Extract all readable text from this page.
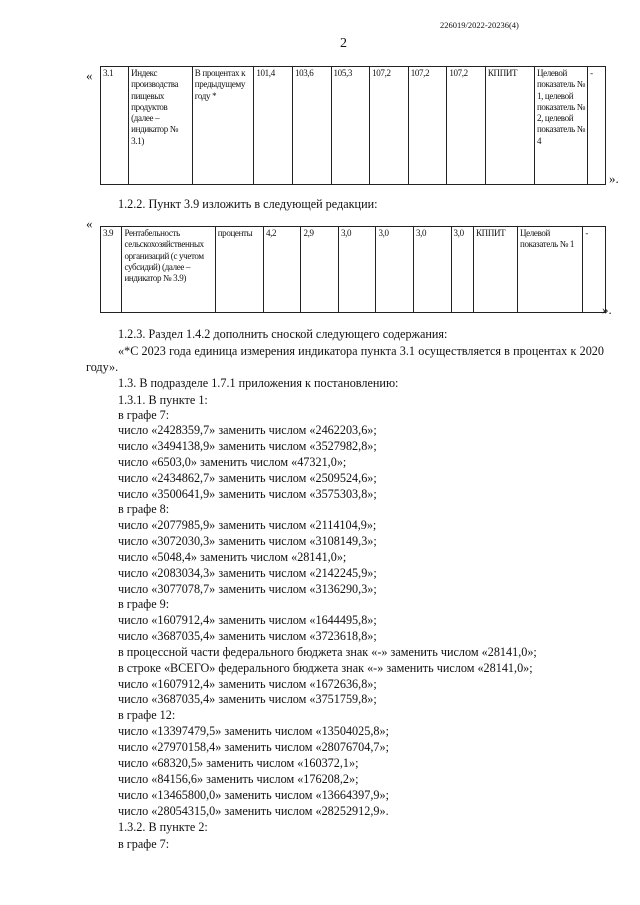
226019/2022-20236(4)
2
« 3.1	Индекс производства пищевых продуктов (далее – индикатор № 3.1)	В процентах к предыдущему году *	101,4	103,6	105,3	107,2	107,2	107,2	КППИТ	Целевой показатель № 1, целевой показатель № 2, целевой показатель № 4	-
».
1.2.2. Пункт 3.9 изложить в следующей редакции:
«
3.9	Рентабельность сельскохозяйственных организаций (с учетом субсидий) (далее – индикатор № 3.9)	проценты	4,2	2,9	3,0	3,0	3,0	3,0	КППИТ	Целевой показатель № 1	-
».
1.2.3. Раздел 1.4.2 дополнить сноской следующего содержания:
«*С 2023 года единица измерения индикатора пункта 3.1 осуществляется в процентах к 2020 году».
1.3. В подразделе 1.7.1 приложения к постановлению:
1.3.1. В пункте 1:
в графе 7:
число «2428359,7» заменить числом «2462203,6»;
число «3494138,9» заменить числом «3527982,8»;
число «6503,0» заменить числом «47321,0»;
число «2434862,7» заменить числом «2509524,6»;
число «3500641,9» заменить числом «3575303,8»;
в графе 8:
число «2077985,9» заменить числом «2114104,9»;
число «3072030,3» заменить числом «3108149,3»;
число «5048,4» заменить числом «28141,0»;
число «2083034,3» заменить числом «2142245,9»;
число «3077078,7» заменить числом «3136290,3»;
в графе 9:
число «1607912,4» заменить числом «1644495,8»;
число «3687035,4» заменить числом «3723618,8»;
в процессной части федерального бюджета знак «-» заменить числом «28141,0»;
в строке «ВСЕГО» федерального бюджета знак «-» заменить числом «28141,0»;
число «1607912,4» заменить числом «1672636,8»;
число «3687035,4» заменить числом «3751759,8»;
в графе 12:
число «13397479,5» заменить числом «13504025,8»;
число «27970158,4» заменить числом «28076704,7»;
число «68320,5» заменить числом «160372,1»;
число «84156,6» заменить числом «176208,2»;
число «13465800,0» заменить числом «13664397,9»;
число «28054315,0» заменить числом «28252912,9».
1.3.2. В пункте 2:
в графе 7:
